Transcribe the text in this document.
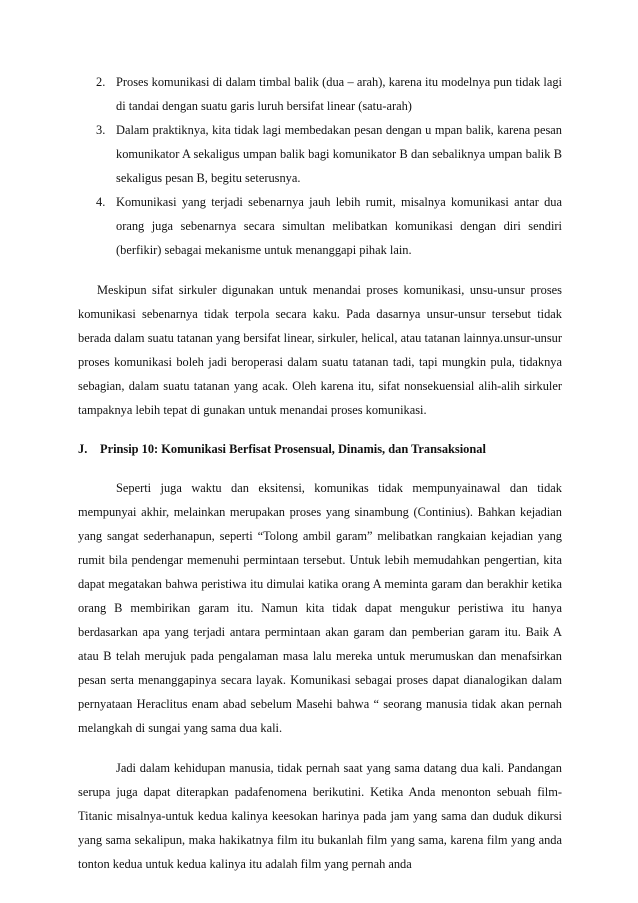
2. Proses komunikasi di dalam timbal balik (dua – arah), karena itu modelnya pun tidak lagi di tandai dengan suatu garis luruh bersifat linear (satu-arah)
3. Dalam praktiknya, kita tidak lagi membedakan pesan dengan u mpan balik, karena pesan komunikator A sekaligus umpan balik bagi komunikator B dan sebaliknya umpan balik B sekaligus pesan B, begitu seterusnya.
4. Komunikasi yang terjadi sebenarnya jauh lebih rumit, misalnya komunikasi antar dua orang juga sebenarnya secara simultan melibatkan komunikasi dengan diri sendiri (berfikir) sebagai mekanisme untuk menanggapi pihak lain.

Meskipun sifat sirkuler digunakan untuk menandai proses komunikasi, unsu-unsur proses komunikasi sebenarnya tidak terpola secara kaku. Pada dasarnya unsur-unsur tersebut tidak berada dalam suatu tatanan yang bersifat linear, sirkuler, helical, atau tatanan lainnya.unsur-unsur proses komunikasi boleh jadi beroperasi dalam suatu tatanan tadi, tapi mungkin pula, tidaknya sebagian, dalam suatu tatanan yang acak. Oleh karena itu, sifat nonsekuensial alih-alih sirkuler tampaknya lebih tepat di gunakan untuk menandai proses komunikasi.

J. Prinsip 10: Komunikasi Berfisat Prosensual, Dinamis, dan Transaksional

Seperti juga waktu dan eksitensi, komunikas tidak mempunyainawal dan tidak mempunyai akhir, melainkan merupakan proses yang sinambung (Continius). Bahkan kejadian yang sangat sederhanapun, seperti “Tolong ambil garam” melibatkan rangkaian kejadian yang rumit bila pendengar memenuhi permintaan tersebut. Untuk lebih memudahkan pengertian, kita dapat megatakan bahwa peristiwa itu dimulai katika orang A meminta garam dan berakhir ketika orang B membirikan garam itu. Namun kita tidak dapat mengukur peristiwa itu hanya berdasarkan apa yang terjadi antara permintaan akan garam dan pemberian garam itu. Baik A atau B telah merujuk pada pengalaman masa lalu mereka untuk merumuskan dan menafsirkan pesan serta menanggapinya secara layak. Komunikasi sebagai proses dapat dianalogikan dalam pernyataan Heraclitus enam abad sebelum Masehi bahwa “ seorang manusia tidak akan pernah melangkah di sungai yang sama dua kali.

Jadi dalam kehidupan manusia, tidak pernah saat yang sama datang dua kali. Pandangan serupa juga dapat diterapkan padafenomena berikutini. Ketika Anda menonton sebuah film- Titanic misalnya-untuk kedua kalinya keesokan harinya pada jam yang sama dan duduk dikursi yang sama sekalipun, maka hakikatnya film itu bukanlah film yang sama, karena film yang anda tonton kedua untuk kedua kalinya itu adalah film yang pernah anda
